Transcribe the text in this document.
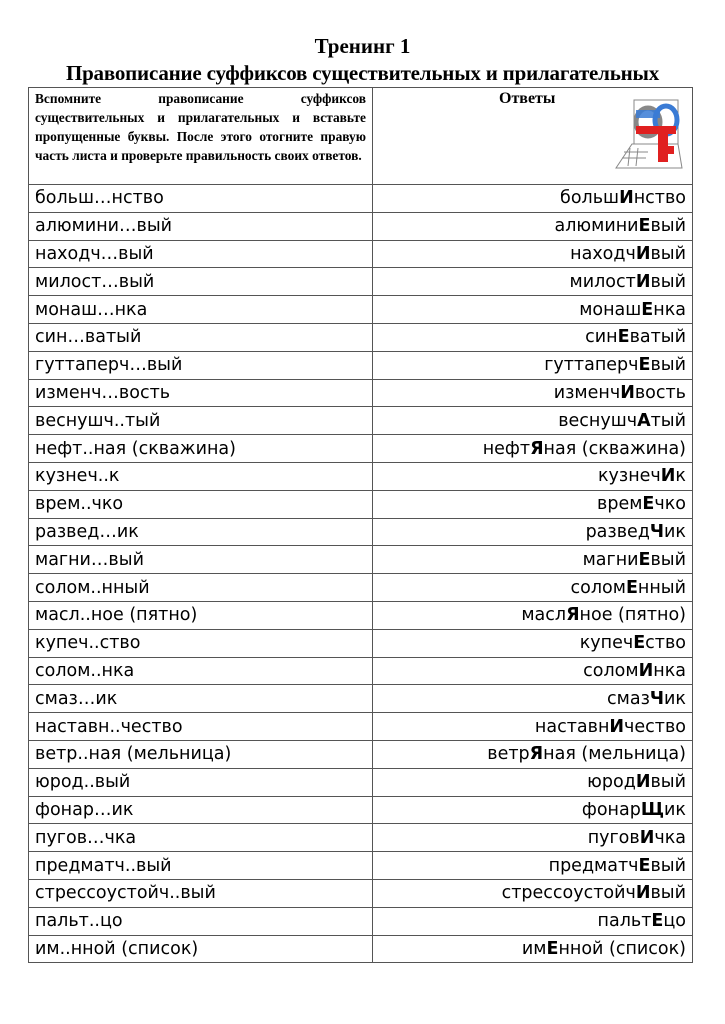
Тренинг 1
Правописание суффиксов существительных и прилагательных
Вспомните правописание суффиксов существительных и прилагательных и вставьте пропущенные буквы. После этого отогните правую часть листа и проверьте правильность своих ответов.	Ответы

больш…нство	большИнство
алюмини…вый	алюминиЕвый
находч…вый	находчИвый
милост…вый	милостИвый
монаш…нка	монашЕнка
син…ватый	синЕватый
гуттаперч…вый	гуттаперчЕвый
изменч…вость	изменчИвость
веснушч..тый	веснушчАтый
нефт..ная (скважина)	нефтЯная (скважина)
кузнеч..к	кузнечИк
врем..чко	времЕчко
развед…ик	разведЧик
магни…вый	магниЕвый
солом..нный	соломЕнный
масл..ное (пятно)	маслЯное (пятно)
купеч..ство	купечЕство
солом..нка	соломИнка
смаз…ик	смазЧик
наставн..чество	наставнИчество
ветр..ная (мельница)	ветрЯная (мельница)
юрод..вый	юродИвый
фонар…ик	фонарЩик
пугов…чка	пуговИчка
предматч..вый	предматчЕвый
стрессоустойч..вый	стрессоустойчИвый
пальт..цо	пальтЕцо
им..нной (список)	имЕнной (список)
